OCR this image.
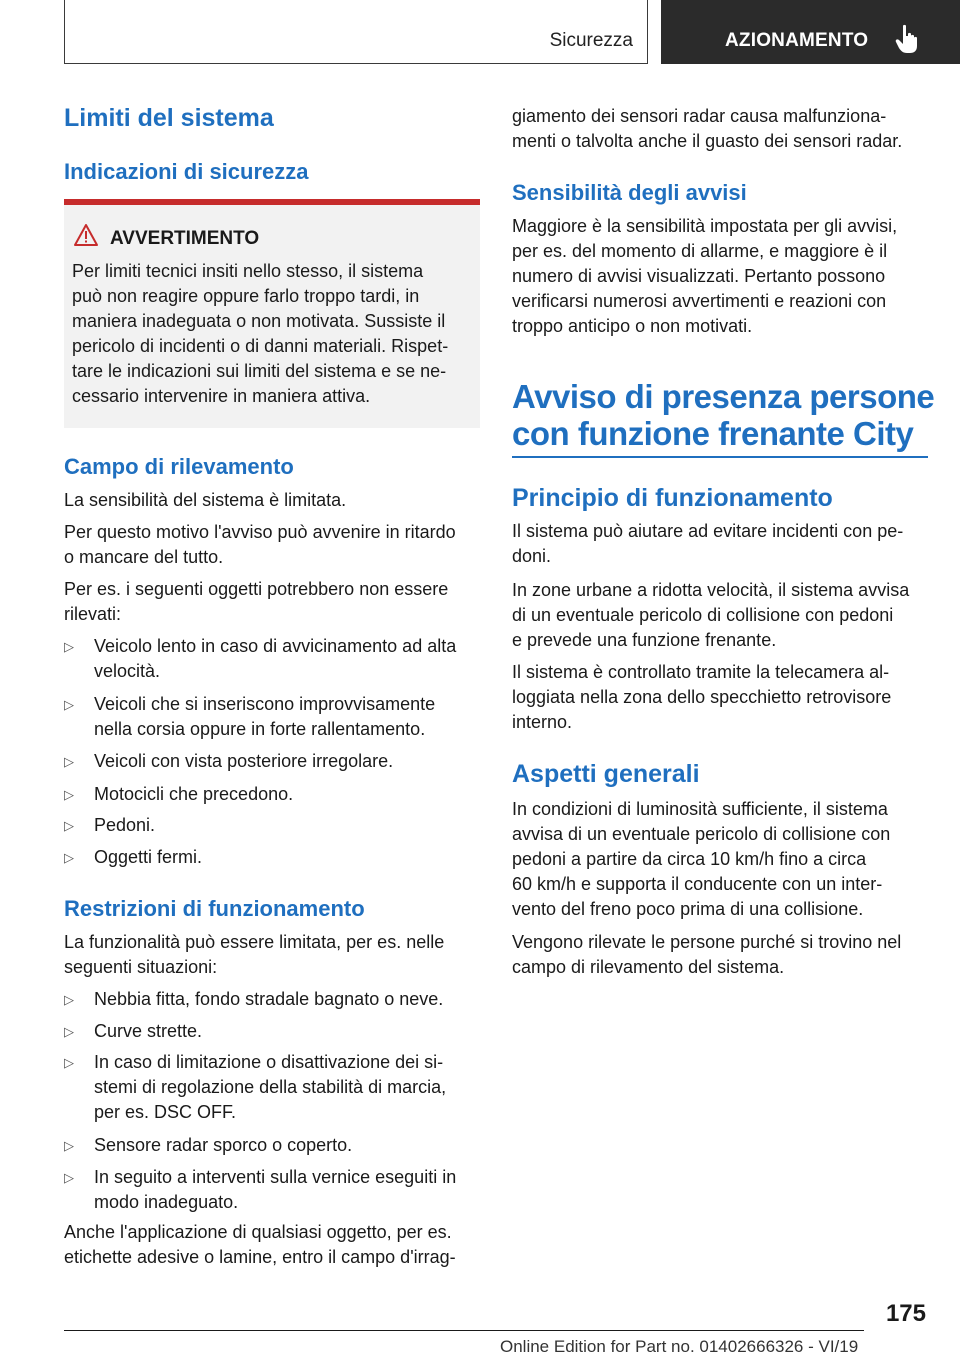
Sicurezza	AZIONAMENTO
Limiti del sistema
Indicazioni di sicurezza
AVVERTIMENTO
Per limiti tecnici insiti nello stesso, il sistema
può non reagire oppure farlo troppo tardi, in
maniera inadeguata o non motivata. Sussiste il
pericolo di incidenti o di danni materiali. Rispet-
tare le indicazioni sui limiti del sistema e se ne-
cessario intervenire in maniera attiva.
Campo di rilevamento
La sensibilità del sistema è limitata.
Per questo motivo l'avviso può avvenire in ritardo
o mancare del tutto.
Per es. i seguenti oggetti potrebbero non essere
rilevati:
▷ Veicolo lento in caso di avvicinamento ad alta
velocità.
▷ Veicoli che si inseriscono improvvisamente
nella corsia oppure in forte rallentamento.
▷ Veicoli con vista posteriore irregolare.
▷ Motocicli che precedono.
▷ Pedoni.
▷ Oggetti fermi.
Restrizioni di funzionamento
La funzionalità può essere limitata, per es. nelle
seguenti situazioni:
▷ Nebbia fitta, fondo stradale bagnato o neve.
▷ Curve strette.
▷ In caso di limitazione o disattivazione dei si-
stemi di regolazione della stabilità di marcia,
per es. DSC OFF.
▷ Sensore radar sporco o coperto.
▷ In seguito a interventi sulla vernice eseguiti in
modo inadeguato.
Anche l'applicazione di qualsiasi oggetto, per es.
etichette adesive o lamine, entro il campo d'irrag-
giamento dei sensori radar causa malfunziona-
menti o talvolta anche il guasto dei sensori radar.
Sensibilità degli avvisi
Maggiore è la sensibilità impostata per gli avvisi,
per es. del momento di allarme, e maggiore è il
numero di avvisi visualizzati. Pertanto possono
verificarsi numerosi avvertimenti e reazioni con
troppo anticipo o non motivati.
Avviso di presenza persone
con funzione frenante City
Principio di funzionamento
Il sistema può aiutare ad evitare incidenti con pe-
doni.
In zone urbane a ridotta velocità, il sistema avvisa
di un eventuale pericolo di collisione con pedoni
e prevede una funzione frenante.
Il sistema è controllato tramite la telecamera al-
loggiata nella zona dello specchietto retrovisore
interno.
Aspetti generali
In condizioni di luminosità sufficiente, il sistema
avvisa di un eventuale pericolo di collisione con
pedoni a partire da circa 10 km/h fino a circa
60 km/h e supporta il conducente con un inter-
vento del freno poco prima di una collisione.
Vengono rilevate le persone purché si trovino nel
campo di rilevamento del sistema.
175
Online Edition for Part no. 01402666326 - VI/19
